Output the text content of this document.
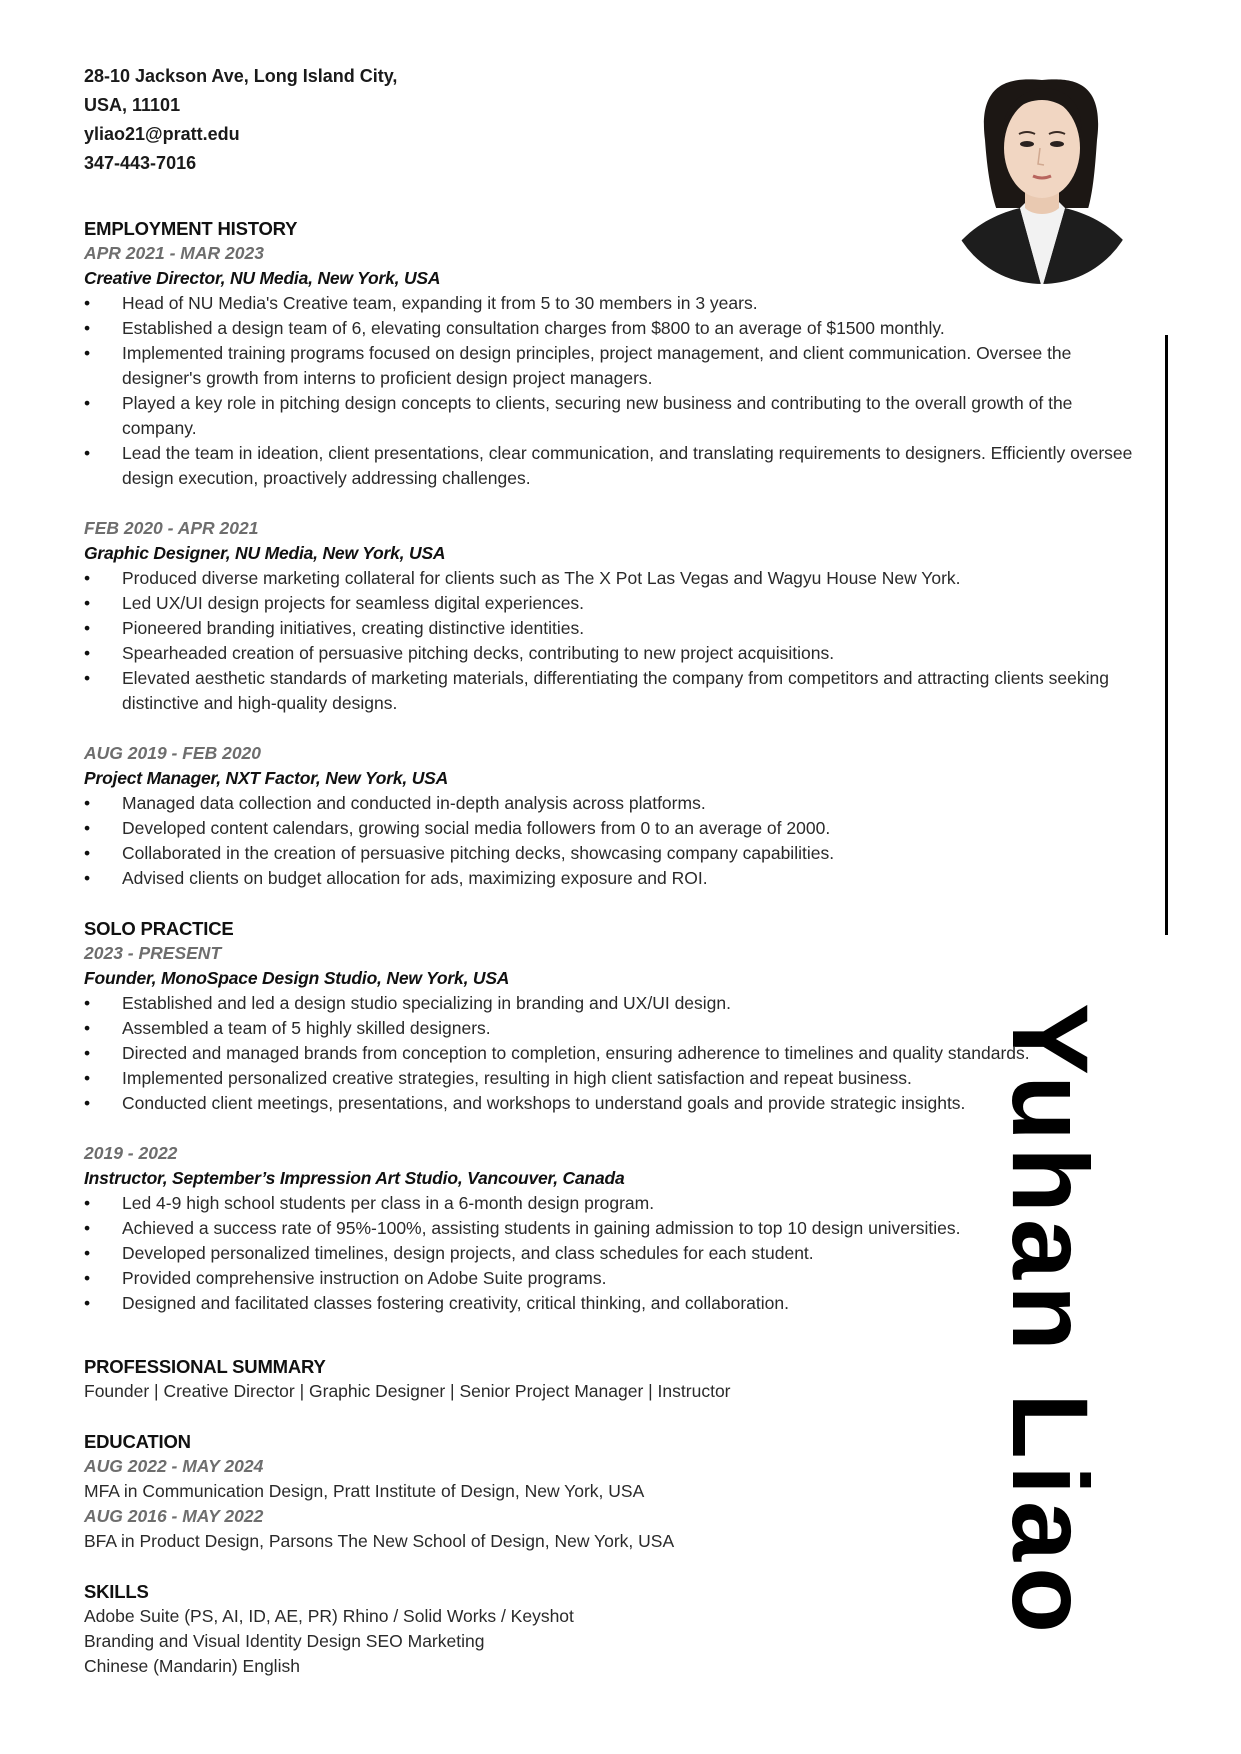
28-10 Jackson Ave, Long Island City,
USA, 11101
yliao21@pratt.edu
347-443-7016
Yuhan Liao
EMPLOYMENT HISTORY
APR 2021 - MAR 2023
Creative Director, NU Media, New York, USA
• Head of NU Media's Creative team, expanding it from 5 to 30 members in 3 years.
• Established a design team of 6, elevating consultation charges from $800 to an average of $1500 monthly.
• Implemented training programs focused on design principles, project management, and client communication. Oversee the designer's growth from interns to proficient design project managers.
• Played a key role in pitching design concepts to clients, securing new business and contributing to the overall growth of the company.
• Lead the team in ideation, client presentations, clear communication, and translating requirements to designers. Efficiently oversee design execution, proactively addressing challenges.
FEB 2020 - APR 2021
Graphic Designer, NU Media, New York, USA
• Produced diverse marketing collateral for clients such as The X Pot Las Vegas and Wagyu House New York.
• Led UX/UI design projects for seamless digital experiences.
• Pioneered branding initiatives, creating distinctive identities.
• Spearheaded creation of persuasive pitching decks, contributing to new project acquisitions.
• Elevated aesthetic standards of marketing materials, differentiating the company from competitors and attracting clients seeking distinctive and high-quality designs.
AUG 2019 - FEB 2020
Project Manager, NXT Factor, New York, USA
• Managed data collection and conducted in-depth analysis across platforms.
• Developed content calendars, growing social media followers from 0 to an average of 2000.
• Collaborated in the creation of persuasive pitching decks, showcasing company capabilities.
• Advised clients on budget allocation for ads, maximizing exposure and ROI.
SOLO PRACTICE
2023 - PRESENT
Founder, MonoSpace Design Studio, New York, USA
• Established and led a design studio specializing in branding and UX/UI design.
• Assembled a team of 5 highly skilled designers.
• Directed and managed brands from conception to completion, ensuring adherence to timelines and quality standards.
• Implemented personalized creative strategies, resulting in high client satisfaction and repeat business.
• Conducted client meetings, presentations, and workshops to understand goals and provide strategic insights.
2019 - 2022
Instructor, September’s Impression Art Studio, Vancouver, Canada
• Led 4-9 high school students per class in a 6-month design program.
• Achieved a success rate of 95%-100%, assisting students in gaining admission to top 10 design universities.
• Developed personalized timelines, design projects, and class schedules for each student.
• Provided comprehensive instruction on Adobe Suite programs.
• Designed and facilitated classes fostering creativity, critical thinking, and collaboration.
PROFESSIONAL SUMMARY
Founder | Creative Director | Graphic Designer | Senior Project Manager | Instructor
EDUCATION
AUG 2022 - MAY 2024
MFA in Communication Design, Pratt Institute of Design, New York, USA
AUG 2016 - MAY 2022
BFA in Product Design, Parsons The New School of Design, New York, USA
SKILLS
Adobe Suite (PS, AI, ID, AE, PR) Rhino / Solid Works / Keyshot
Branding and Visual Identity Design SEO Marketing
Chinese (Mandarin) English
